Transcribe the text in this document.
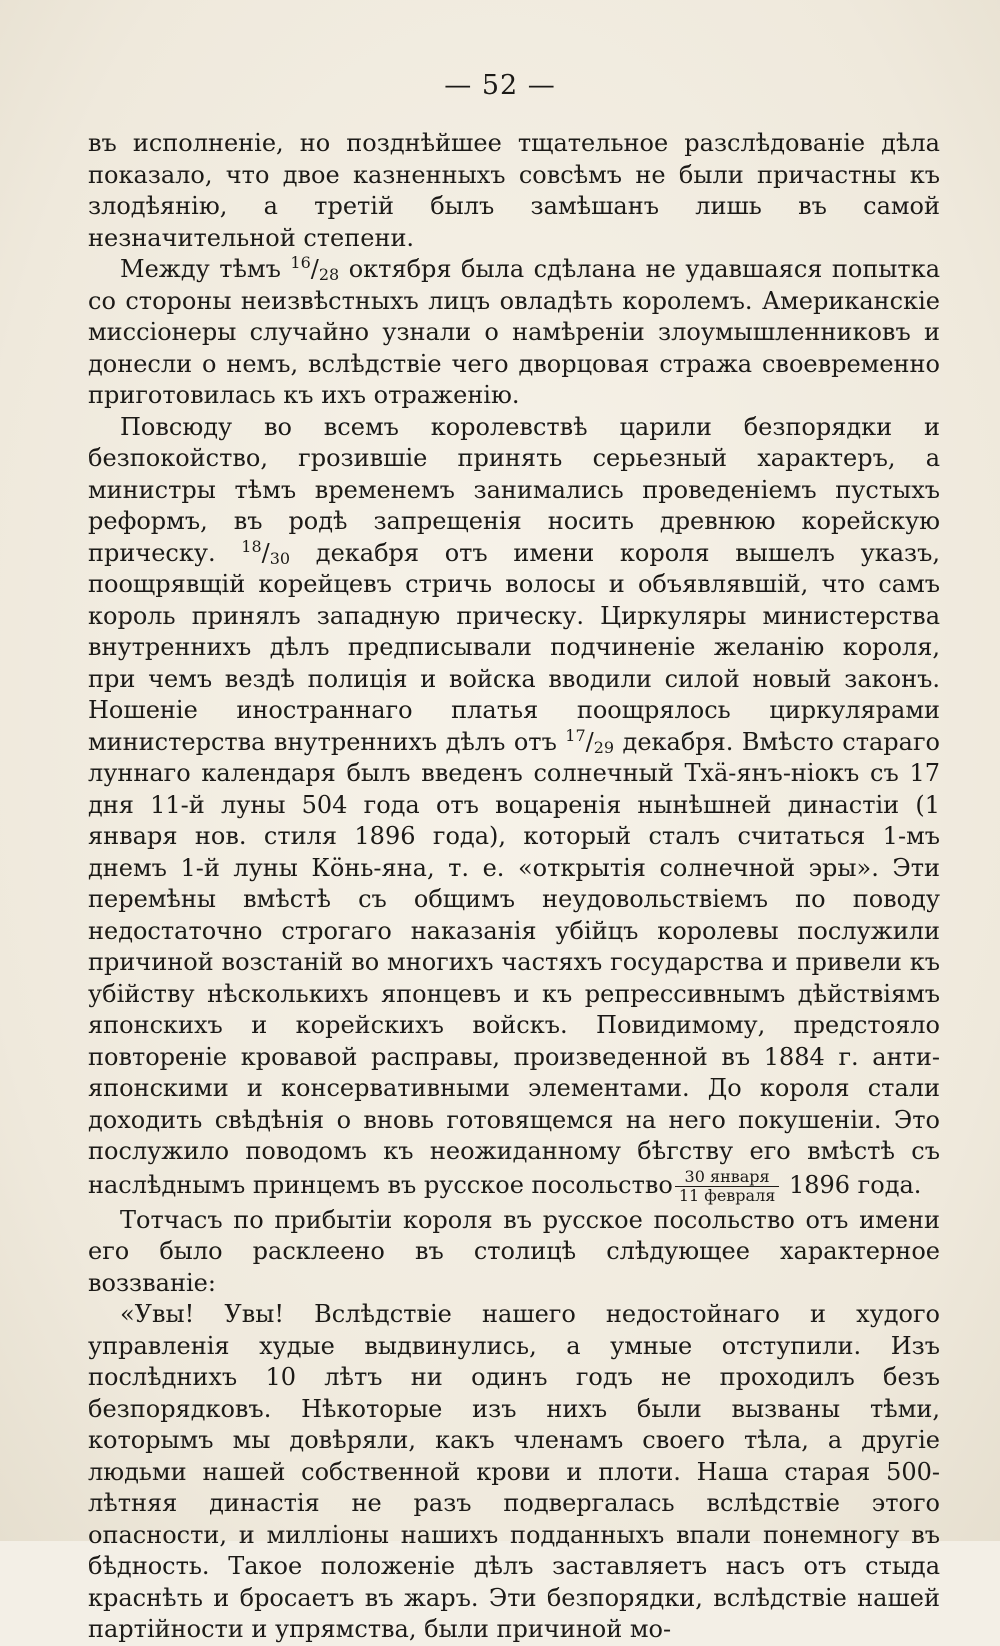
— 52 —

въ исполненіе, но позднѣйшее тщательное разслѣдованіе дѣла показало, что двое казненныхъ совсѣмъ не были причастны къ злодѣянію, а третій былъ замѣшанъ лишь въ самой незначительной степени.

Между тѣмъ $^{16}/_{28}$ октября была сдѣлана не удавшаяся попытка со стороны неизвѣстныхъ лицъ овладѣть королемъ. Американскіе миссіонеры случайно узнали о намѣреніи злоумышленниковъ и донесли о немъ, вслѣдствіе чего дворцовая стража своевременно приготовилась къ ихъ отраженію.

Повсюду во всемъ королевствѣ царили безпорядки и безпокойство, грозившіе принять серьезный характеръ, а министры тѣмъ временемъ занимались проведеніемъ пустыхъ реформъ, въ родѣ запрещенія носить древнюю корейскую прическу. $^{18}/_{30}$ декабря отъ имени короля вышелъ указъ, поощрявщій корейцевъ стричь волосы и объявлявшій, что самъ король принялъ западную прическу. Циркуляры министерства внутреннихъ дѣлъ предписывали подчиненіе желанію короля, при чемъ вездѣ полиція и войска вводили силой новый законъ. Ношеніе иностраннаго платья поощрялось циркулярами министерства внутреннихъ дѣлъ отъ $^{17}/_{29}$ декабря. Вмѣсто стараго луннаго календаря былъ введенъ солнечный Тхä-янъ-ніокъ съ 17 дня 11-й луны 504 года отъ воцаренія нынѣшней династіи (1 января нов. стиля 1896 года), который сталъ считаться 1-мъ днемъ 1-й луны Кöнь-яна, т. е. «открытія солнечной эры». Эти перемѣны вмѣстѣ съ общимъ неудовольствіемъ по поводу недостаточно строгаго наказанія убійцъ королевы послужили причиной возстаній во многихъ частяхъ государства и привели къ убійству нѣсколькихъ японцевъ и къ репрессивнымъ дѣйствіямъ японскихъ и корейскихъ войскъ. Повидимому, предстояло повтореніе кровавой расправы, произведенной въ 1884 г. анти-японскими и консервативными элементами. До короля стали доходить свѣдѣнія о вновь готовящемся на него покушеніи. Это послужило поводомъ къ неожиданному бѣгству его вмѣстѣ съ наслѣднымъ принцемъ въ русское посольство $\frac{\text{30 января}}{\text{11 февраля}} 1896$ года.

Тотчасъ по прибытіи короля въ русское посольство отъ имени его было расклеено въ столицѣ слѣдующее характерное воззваніе:

«Увы! Увы! Вслѣдствіе нашего недостойнаго и худого управленія худые выдвинулись, а умные отступили. Изъ послѣднихъ 10 лѣтъ ни одинъ годъ не проходилъ безъ безпорядковъ. Нѣкоторые изъ нихъ были вызваны тѣми, которымъ мы довѣряли, какъ членамъ своего тѣла, а другіе людьми нашей собственной крови и плоти. Наша старая 500-лѣтняя династія не разъ подвергалась вслѣдствіе этого опасности, и милліоны нашихъ подданныхъ впали понемногу въ бѣдность. Такое положеніе дѣлъ заставляетъ насъ отъ стыда краснѣть и бросаетъ въ жаръ. Эти безпорядки, вслѣдствіе нашей партійности и упрямства, были причиной мо-
